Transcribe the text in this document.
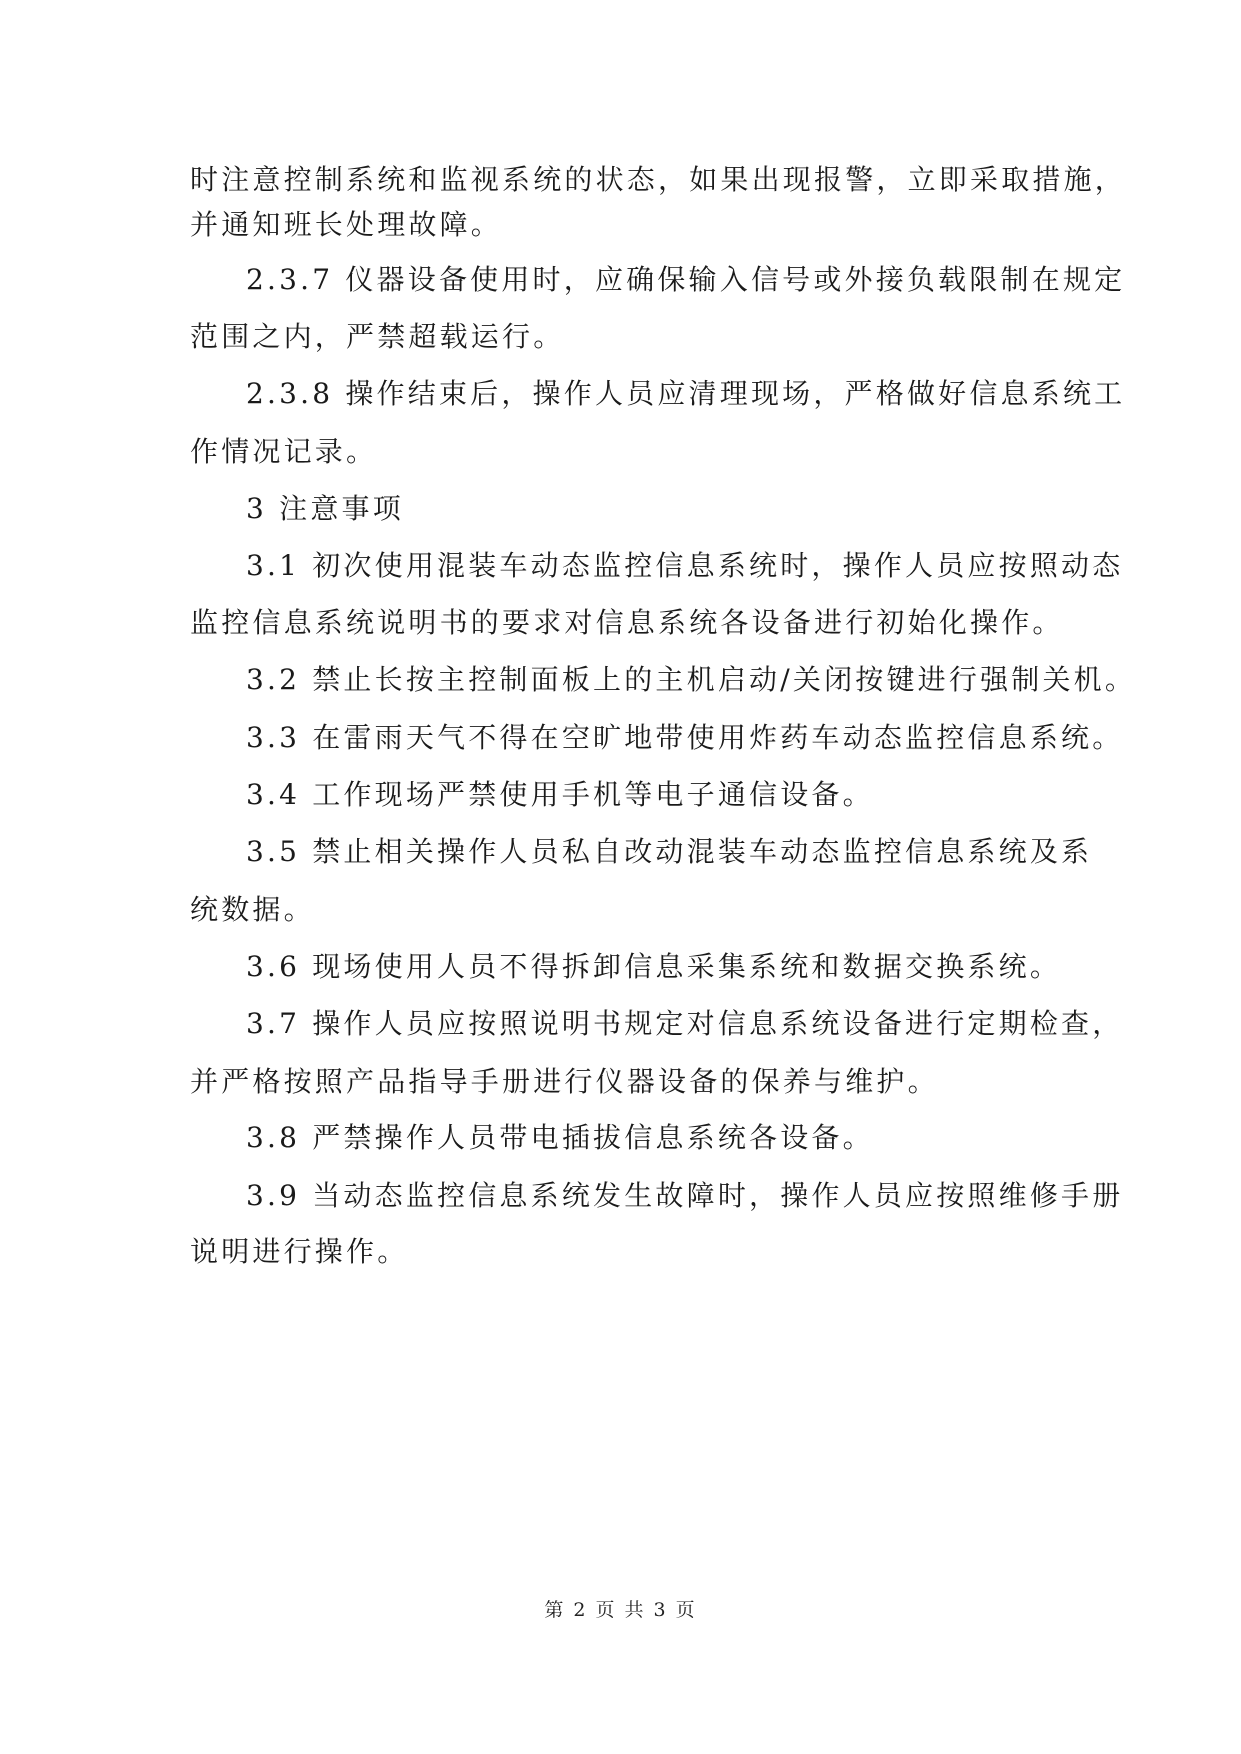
时注意控制系统和监视系统的状态，如果出现报警，立即采取措施，
并通知班长处理故障。
2.3.7 仪器设备使用时，应确保输入信号或外接负载限制在规定
范围之内，严禁超载运行。
2.3.8 操作结束后，操作人员应清理现场，严格做好信息系统工
作情况记录。
3 注意事项
3.1 初次使用混装车动态监控信息系统时，操作人员应按照动态
监控信息系统说明书的要求对信息系统各设备进行初始化操作。
3.2 禁止长按主控制面板上的主机启动/关闭按键进行强制关机。
3.3 在雷雨天气不得在空旷地带使用炸药车动态监控信息系统。
3.4 工作现场严禁使用手机等电子通信设备。
3.5 禁止相关操作人员私自改动混装车动态监控信息系统及系
统数据。
3.6 现场使用人员不得拆卸信息采集系统和数据交换系统。
3.7 操作人员应按照说明书规定对信息系统设备进行定期检查，
并严格按照产品指导手册进行仪器设备的保养与维护。
3.8 严禁操作人员带电插拔信息系统各设备。
3.9 当动态监控信息系统发生故障时，操作人员应按照维修手册
说明进行操作。
第 2 页 共 3 页
